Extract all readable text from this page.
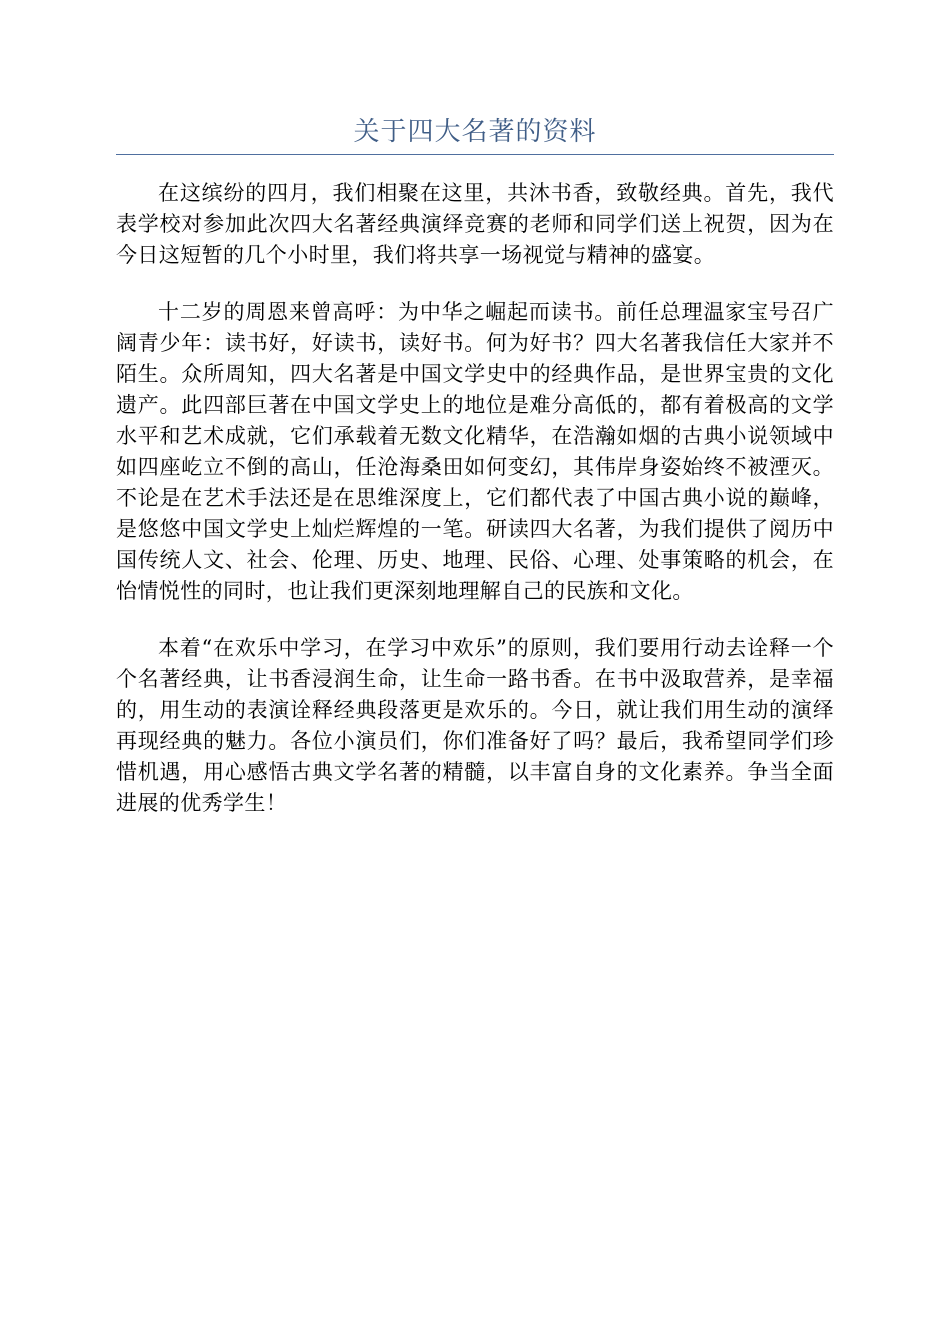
关于四大名著的资料

在这缤纷的四月，我们相聚在这里，共沐书香，致敬经典。首先，我代表学校对参加此次四大名著经典演绎竞赛的老师和同学们送上祝贺，因为在今日这短暂的几个小时里，我们将共享一场视觉与精神的盛宴。

十二岁的周恩来曾高呼：为中华之崛起而读书。前任总理温家宝号召广阔青少年：读书好，好读书，读好书。何为好书？四大名著我信任大家并不陌生。众所周知，四大名著是中国文学史中的经典作品，是世界宝贵的文化遗产。此四部巨著在中国文学史上的地位是难分高低的，都有着极高的文学水平和艺术成就，它们承载着无数文化精华，在浩瀚如烟的古典小说领域中如四座屹立不倒的高山，任沧海桑田如何变幻，其伟岸身姿始终不被湮灭。不论是在艺术手法还是在思维深度上，它们都代表了中国古典小说的巅峰，是悠悠中国文学史上灿烂辉煌的一笔。研读四大名著，为我们提供了阅历中国传统人文、社会、伦理、历史、地理、民俗、心理、处事策略的机会，在怡情悦性的同时，也让我们更深刻地理解自己的民族和文化。

本着“在欢乐中学习，在学习中欢乐”的原则，我们要用行动去诠释一个个名著经典，让书香浸润生命，让生命一路书香。在书中汲取营养，是幸福的，用生动的表演诠释经典段落更是欢乐的。今日，就让我们用生动的演绎再现经典的魅力。各位小演员们，你们准备好了吗？最后，我希望同学们珍惜机遇，用心感悟古典文学名著的精髓，以丰富自身的文化素养。争当全面进展的优秀学生！
